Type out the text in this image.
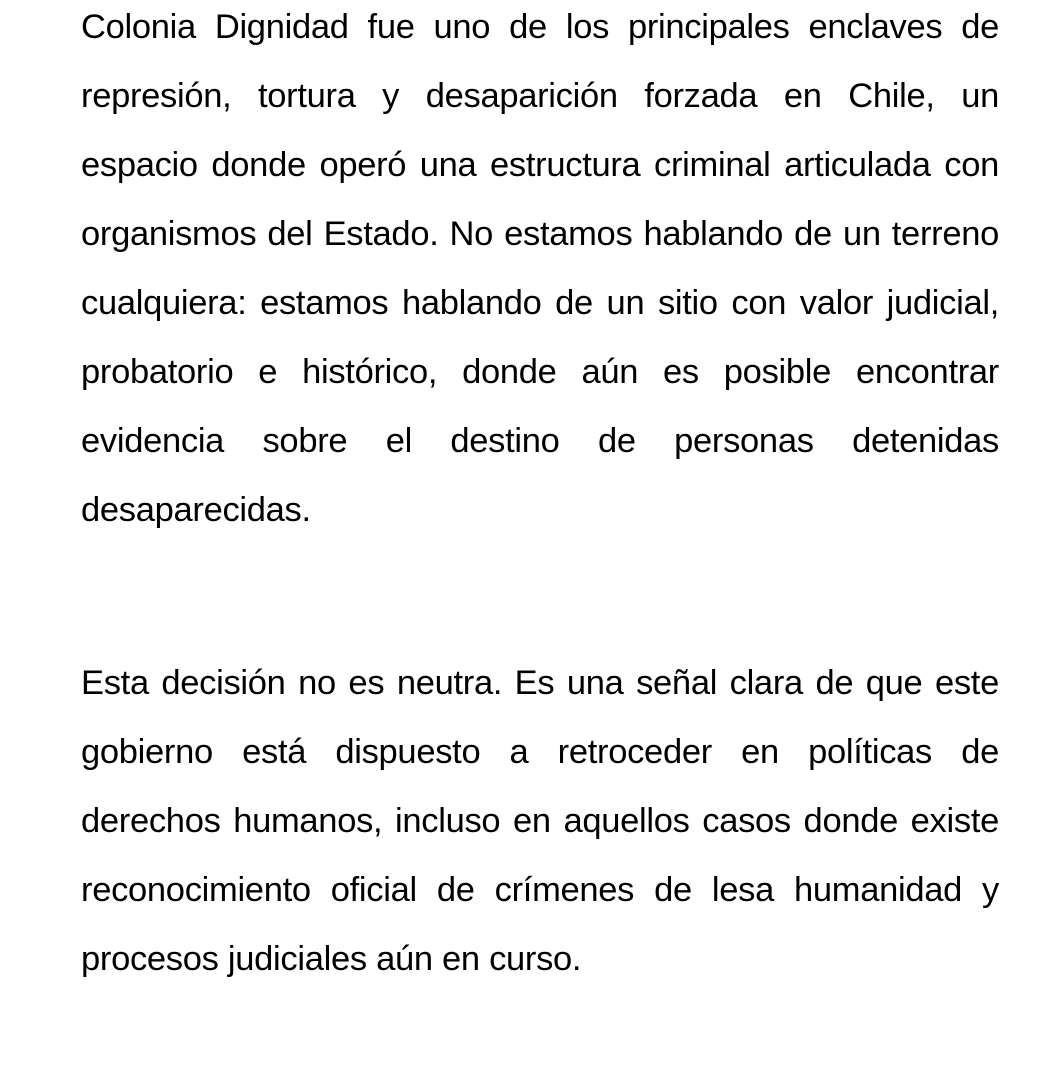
Colonia Dignidad fue uno de los principales enclaves de represión, tortura y desaparición forzada en Chile, un espacio donde operó una estructura criminal articulada con organismos del Estado. No estamos hablando de un terreno cualquiera: estamos hablando de un sitio con valor judicial, probatorio e histórico, donde aún es posible encontrar evidencia sobre el destino de personas detenidas desaparecidas.

Esta decisión no es neutra. Es una señal clara de que este gobierno está dispuesto a retroceder en políticas de derechos humanos, incluso en aquellos casos donde existe reconocimiento oficial de crímenes de lesa humanidad y procesos judiciales aún en curso.
